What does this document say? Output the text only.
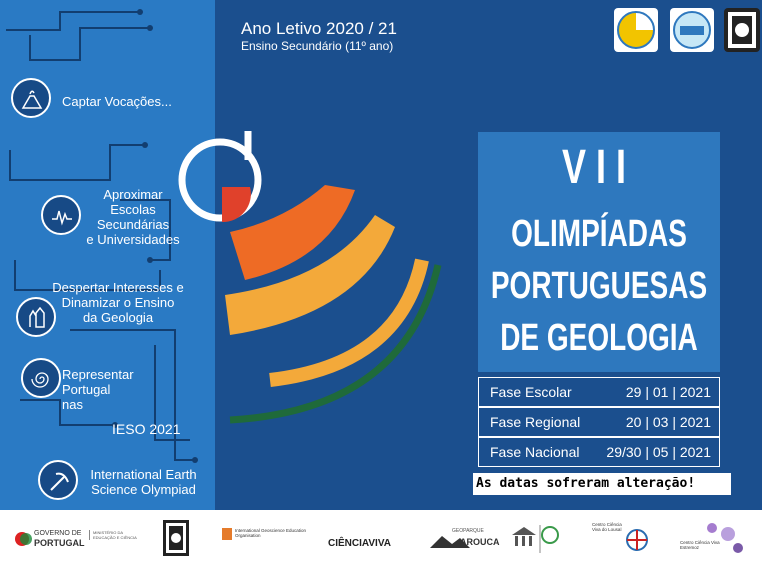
Captar Vocações...
Aproximar
Escolas
Secundárias
e Universidades
Despertar Interesses e
Dinamizar o Ensino
da Geologia
Representar
Portugal
nas
IESO 2021
International Earth
Science Olympiad
Ano Letivo 2020 / 21
Ensino Secundário (11º ano)
VII
OLIMPÍADAS
PORTUGUESAS
DE GEOLOGIA
Fase Escolar	29 | 01 | 2021
Fase Regional	20 | 03 | 2021
Fase Nacional 29/30 | 05 | 2021
As datas sofreram alteração!
GOVERNO DE
PORTUGAL
MINISTÉRIO DA EDUCAÇÃO E CIÊNCIA
International Geoscience Education Organisation
CIÊNCIAVIVA
GEOPARQUE
AROUCA
Centro Ciência Viva do Lousal
Centro Ciência Viva Estremoz
